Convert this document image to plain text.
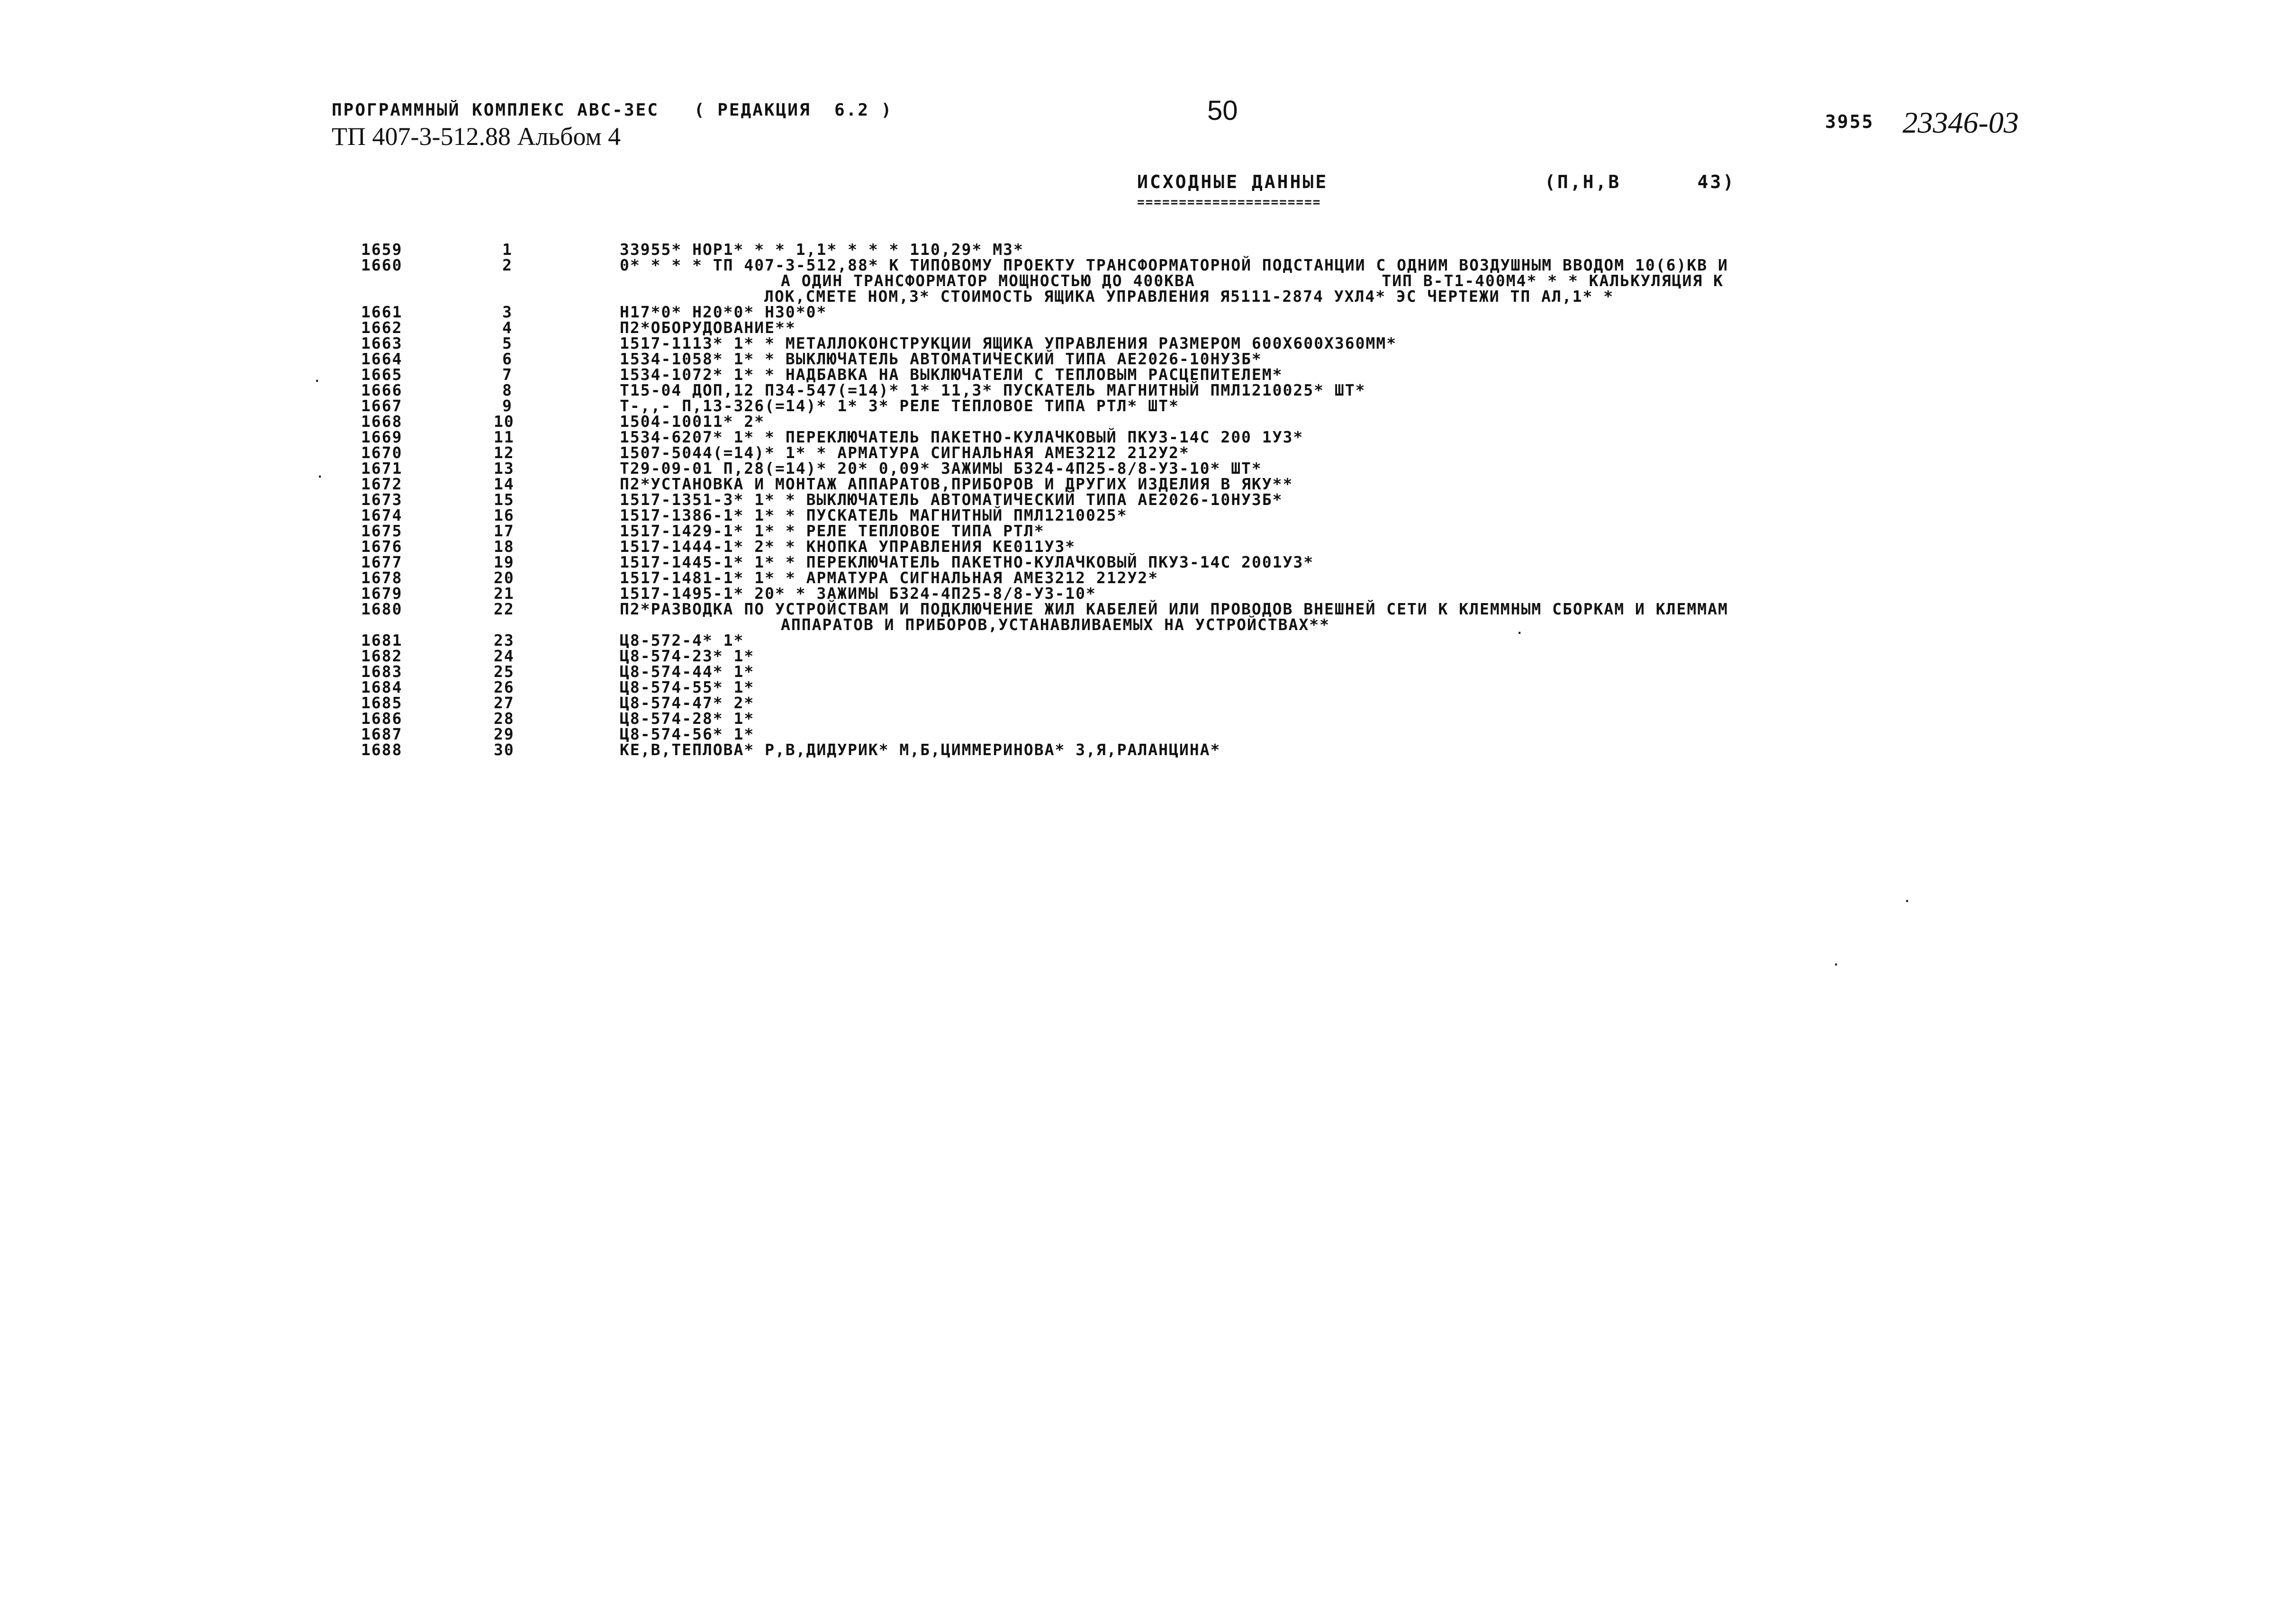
ПРОГРАММНЫЙ КОМПЛЕКС АВС-ЗЕС   ( РЕДАКЦИЯ  6.2 )
ТП 407-3-512.88 Альбом 4
50	3955 23346-03
ИСХОДНЫЕ ДАННЫЕ	(П,Н,В      43)
======================
1659	1	33955* НОР1* * * 1,1* * * * 110,29* М3*
1660	2	0* * * * ТП 407-3-512,88* К ТИПОВОМУ ПРОЕКТУ ТРАНСФОРМАТОРНОЙ ПОДСТАНЦИИ С ОДНИМ ВОЗДУШНЫМ ВВОДОМ 10(6)КВ И
А ОДИН ТРАНСФОРМАТОР МОЩНОСТЬЮ ДО 400КВА                  ТИП В-Т1-400М4* * * КАЛЬКУЛЯЦИЯ К
ЛОК,СМЕТЕ НОМ,3* СТОИМОСТЬ ЯЩИКА УПРАВЛЕНИЯ Я5111-2874 УХЛ4* ЭС ЧЕРТЕЖИ ТП АЛ,1* *
1661	3	Н17*0* Н20*0* Н30*0*
1662	4	П2*ОБОРУДОВАНИЕ**
1663	5	1517-1113* 1* * МЕТАЛЛОКОНСТРУКЦИИ ЯЩИКА УПРАВЛЕНИЯ РАЗМЕРОМ 600Х600Х360ММ*
1664	6	1534-1058* 1* * ВЫКЛЮЧАТЕЛЬ АВТОМАТИЧЕСКИЙ ТИПА АЕ2026-10НУ3Б*
1665	7	1534-1072* 1* * НАДБАВКА НА ВЫКЛЮЧАТЕЛИ С ТЕПЛОВЫМ РАСЦЕПИТЕЛЕМ*
1666	8	Т15-04 ДОП,12 П34-547(=14)* 1* 11,3* ПУСКАТЕЛЬ МАГНИТНЫЙ ПМЛ1210025* ШТ*
1667	9	Т-,,- П,13-326(=14)* 1* 3* РЕЛЕ ТЕПЛОВОЕ ТИПА РТЛ* ШТ*
1668	10	1504-10011* 2*
1669	11	1534-6207* 1* * ПЕРЕКЛЮЧАТЕЛЬ ПАКЕТНО-КУЛАЧКОВЫЙ ПКУ3-14С 200 1У3*
1670	12	1507-5044(=14)* 1* * АРМАТУРА СИГНАЛЬНАЯ АМЕ3212 212У2*
1671	13	Т29-09-01 П,28(=14)* 20* 0,09* ЗАЖИМЫ Б324-4П25-8/8-У3-10* ШТ*
1672	14	П2*УСТАНОВКА И МОНТАЖ АППАРАТОВ,ПРИБОРОВ И ДРУГИХ ИЗДЕЛИЯ В ЯКУ**
1673	15	1517-1351-3* 1* * ВЫКЛЮЧАТЕЛЬ АВТОМАТИЧЕСКИЙ ТИПА АЕ2026-10НУ3Б*
1674	16	1517-1386-1* 1* * ПУСКАТЕЛЬ МАГНИТНЫЙ ПМЛ1210025*
1675	17	1517-1429-1* 1* * РЕЛЕ ТЕПЛОВОЕ ТИПА РТЛ*
1676	18	1517-1444-1* 2* * КНОПКА УПРАВЛЕНИЯ КЕ011У3*
1677	19	1517-1445-1* 1* * ПЕРЕКЛЮЧАТЕЛЬ ПАКЕТНО-КУЛАЧКОВЫЙ ПКУ3-14С 2001У3*
1678	20	1517-1481-1* 1* * АРМАТУРА СИГНАЛЬНАЯ АМЕ3212 212У2*
1679	21	1517-1495-1* 20* * ЗАЖИМЫ Б324-4П25-8/8-У3-10*
1680	22	П2*РАЗВОДКА ПО УСТРОЙСТВАМ И ПОДКЛЮЧЕНИЕ ЖИЛ КАБЕЛЕЙ ИЛИ ПРОВОДОВ ВНЕШНЕЙ СЕТИ К КЛЕММНЫМ СБОРКАМ И КЛЕММАМ
АППАРАТОВ И ПРИБОРОВ,УСТАНАВЛИВАЕМЫХ НА УСТРОЙСТВАХ**
1681	23	Ц8-572-4* 1*
1682	24	Ц8-574-23* 1*
1683	25	Ц8-574-44* 1*
1684	26	Ц8-574-55* 1*
1685	27	Ц8-574-47* 2*
1686	28	Ц8-574-28* 1*
1687	29	Ц8-574-56* 1*
1688	30	КЕ,В,ТЕПЛОВА* Р,В,ДИДУРИК* М,Б,ЦИММЕРИНОВА* З,Я,РАЛАНЦИНА*
·
·
·
·
·
